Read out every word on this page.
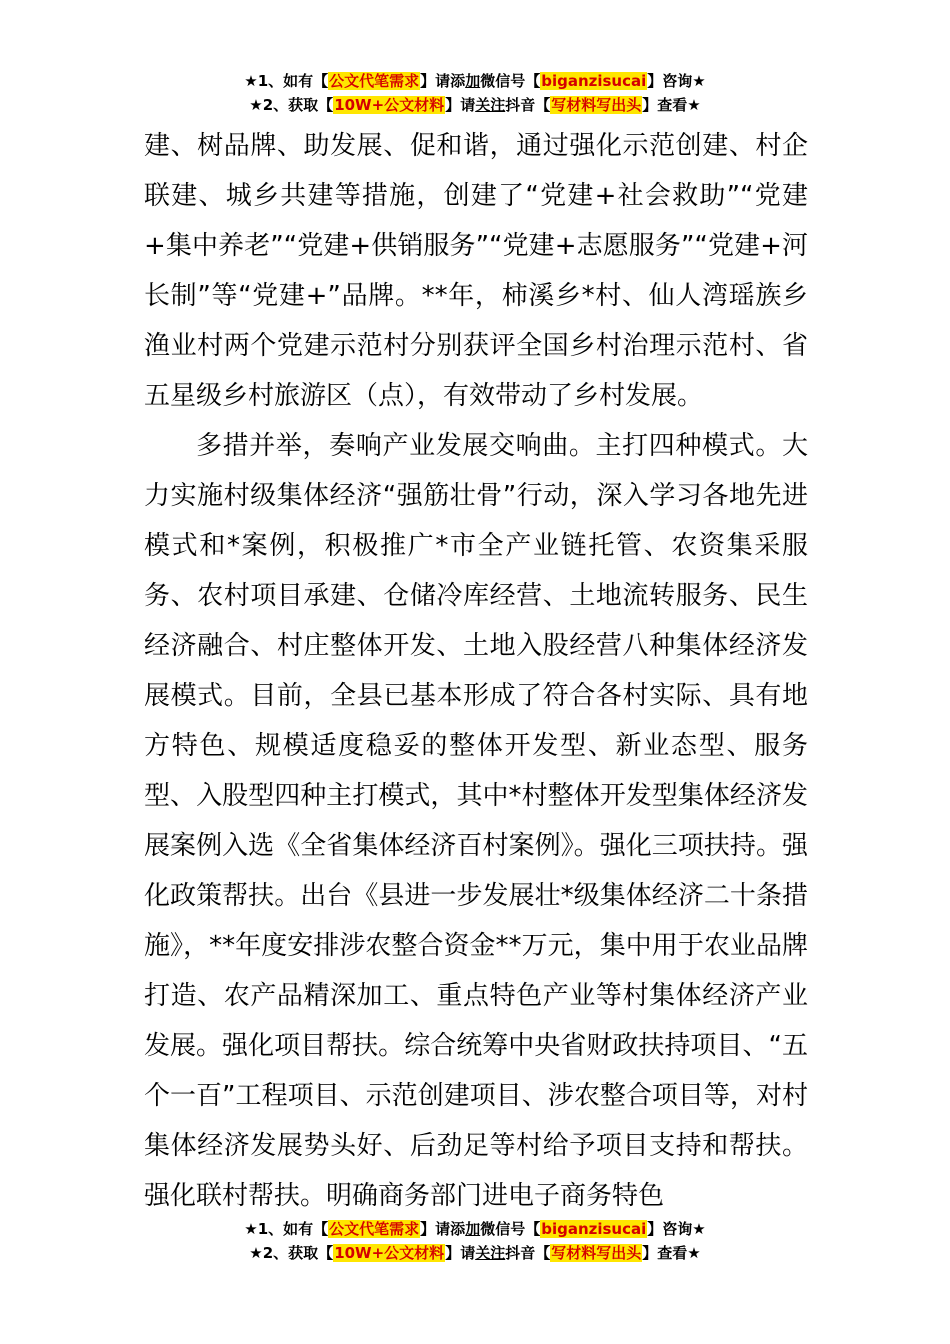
★1、如有【公文代笔需求】请添加微信号【biganzisucai】咨询★
★2、获取【10W+公文材料】请关注抖音【写材料写出头】查看★

建、树品牌、助发展、促和谐，通过强化示范创建、村企联建、城乡共建等措施，创建了“党建+社会救助”“党建+集中养老”“党建+供销服务”“党建+志愿服务”“党建+河长制”等“党建+”品牌。**年，柿溪乡*村、仙人湾瑶族乡渔业村两个党建示范村分别获评全国乡村治理示范村、省五星级乡村旅游区（点），有效带动了乡村发展。

多措并举，奏响产业发展交响曲。主打四种模式。大力实施村级集体经济“强筋壮骨”行动，深入学习各地先进模式和*案例，积极推广*市全产业链托管、农资集采服务、农村项目承建、仓储冷库经营、土地流转服务、民生经济融合、村庄整体开发、土地入股经营八种集体经济发展模式。目前，全县已基本形成了符合各村实际、具有地方特色、规模适度稳妥的整体开发型、新业态型、服务型、入股型四种主打模式，其中*村整体开发型集体经济发展案例入选《全省集体经济百村案例》。强化三项扶持。强化政策帮扶。出台《县进一步发展壮*级集体经济二十条措施》，**年度安排涉农整合资金**万元，集中用于农业品牌打造、农产品精深加工、重点特色产业等村集体经济产业发展。强化项目帮扶。综合统筹中央省财政扶持项目、“五个一百”工程项目、示范创建项目、涉农整合项目等，对村集体经济发展势头好、后劲足等村给予项目支持和帮扶。强化联村帮扶。明确商务部门进电子商务特色

★1、如有【公文代笔需求】请添加微信号【biganzisucai】咨询★
★2、获取【10W+公文材料】请关注抖音【写材料写出头】查看★
